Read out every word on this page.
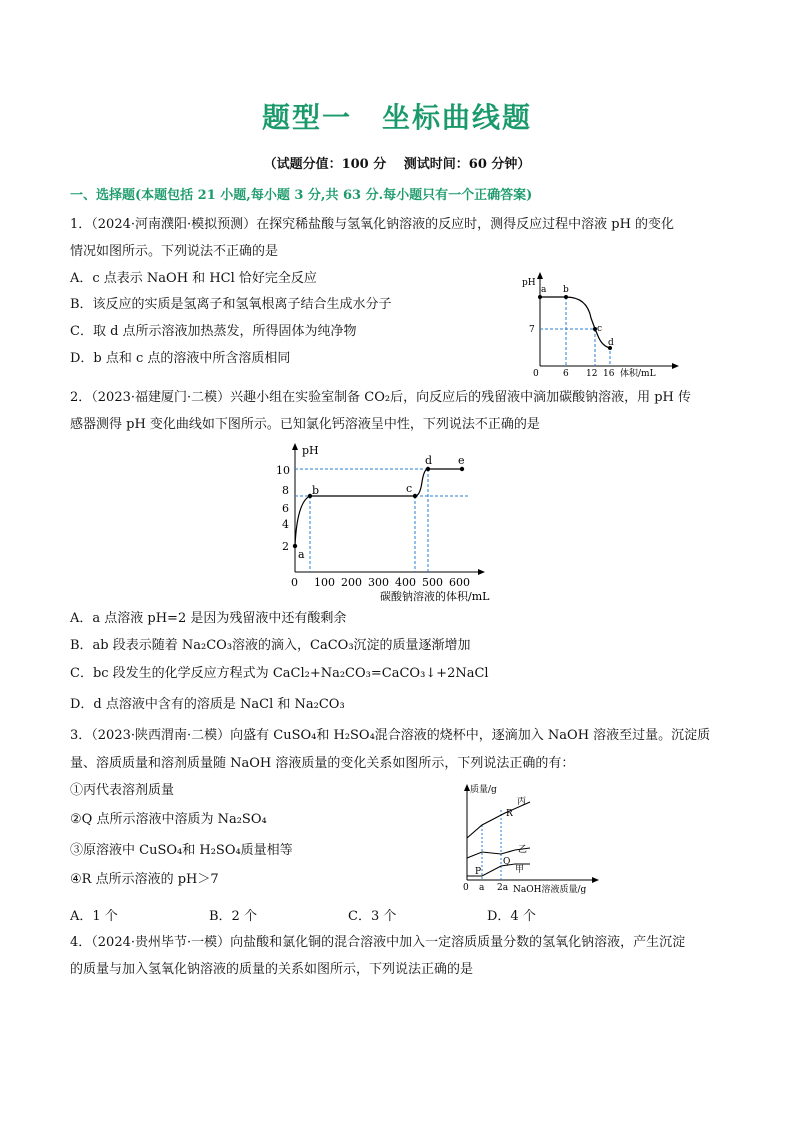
题型一　坐标曲线题
（试题分值：100 分　 测试时间：60 分钟）
一、选择题(本题包括 21 小题,每小题 3 分,共 63 分.每小题只有一个正确答案)
1．（2024·河南濮阳·模拟预测）在探究稀盐酸与氢氧化钠溶液的反应时，测得反应过程中溶液 pH 的变化
情况如图所示。下列说法不正确的是
A．c 点表示 NaOH 和 HCl 恰好完全反应
B．该反应的实质是氢离子和氢氧根离子结合生成水分子
C．取 d 点所示溶液加热蒸发，所得固体为纯净物
D．b 点和 c 点的溶液中所含溶质相同
pH
体积/mL
0
7
6 12 16
a b
c
d
2．（2023·福建厦门·二模）兴趣小组在实验室制备 CO₂后，向反应后的残留液中滴加碳酸钠溶液，用 pH 传
感器测得 pH 变化曲线如下图所示。已知氯化钙溶液呈中性，下列说法不正确的是
pH
碳酸钠溶液的体积/mL
2
4
6
8
10
0 100 200 300 400 500 600
a
b	c
d e
A．a 点溶液 pH=2 是因为残留液中还有酸剩余
B．ab 段表示随着 Na₂CO₃溶液的滴入，CaCO₃沉淀的质量逐渐增加
C．bc 段发生的化学反应方程式为 CaCl₂+Na₂CO₃=CaCO₃↓+2NaCl
D．d 点溶液中含有的溶质是 NaCl 和 Na₂CO₃
3．（2023·陕西渭南·二模）向盛有 CuSO₄和 H₂SO₄混合溶液的烧杯中，逐滴加入 NaOH 溶液至过量。沉淀质
量、溶质质量和溶剂质量随 NaOH 溶液质量的变化关系如图所示，下列说法正确的有：
①丙代表溶剂质量
②Q 点所示溶液中溶质为 Na₂SO₄
③原溶液中 CuSO₄和 H₂SO₄质量相等
④R 点所示溶液的 pH＞7
质量/g
NaOH溶液质量/g
0 a 2a
丙
乙
甲
R
Q
P
A．1 个	B．2 个	C．3 个	D．4 个
4．（2024·贵州毕节·一模）向盐酸和氯化铜的混合溶液中加入一定溶质质量分数的氢氧化钠溶液，产生沉淀
的质量与加入氢氧化钠溶液的质量的关系如图所示，下列说法正确的是
